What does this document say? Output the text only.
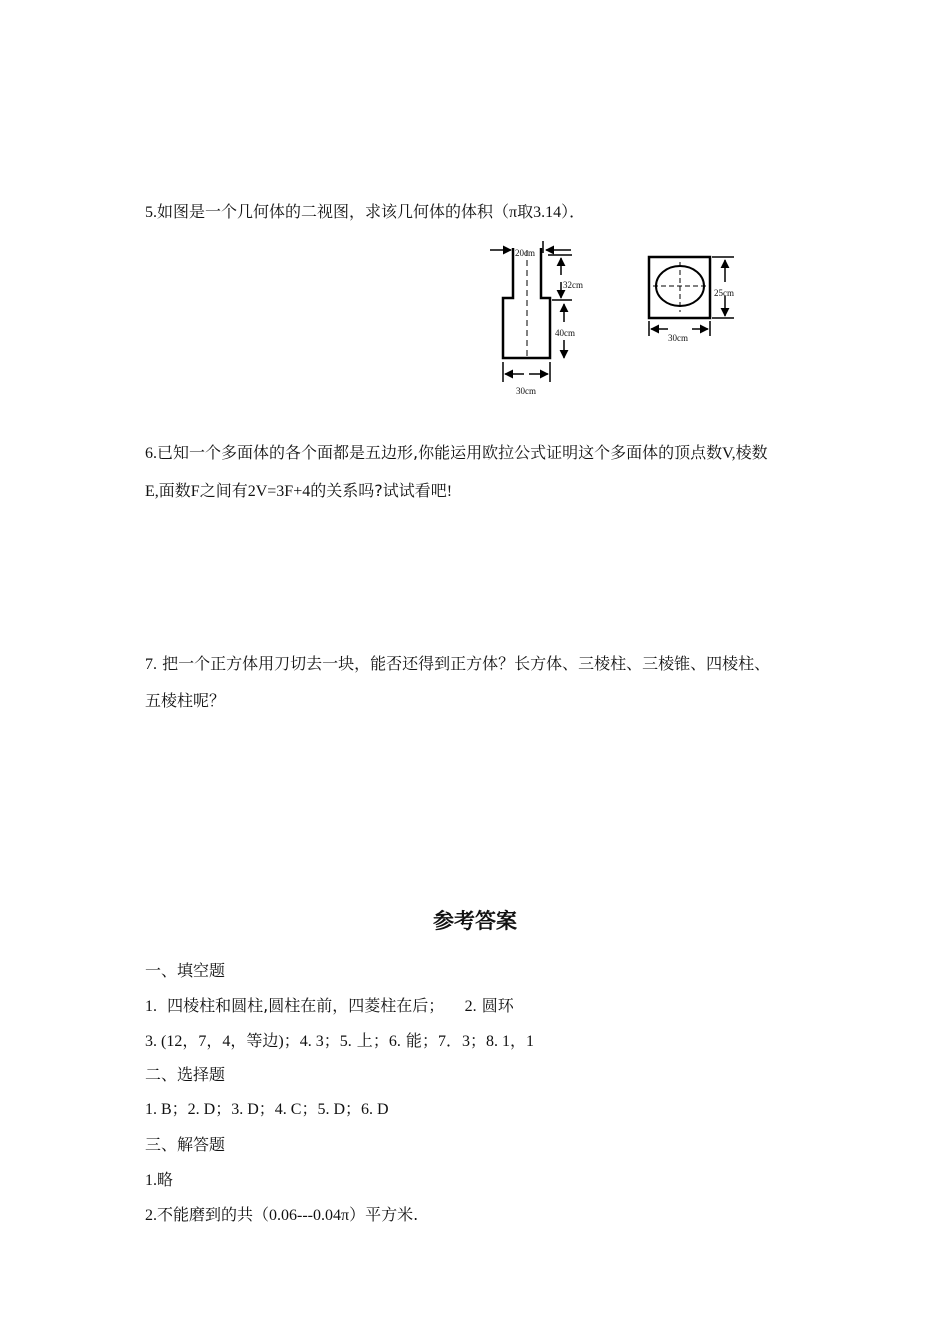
5.如图是一个几何体的二视图，求该几何体的体积（π取3.14）．
20cm
32cm
40cm
30cm
25cm
30cm
6.已知一个多面体的各个面都是五边形,你能运用欧拉公式证明这个多面体的顶点数V,棱数
E,面数F之间有2V=3F+4的关系吗?试试看吧!
7. 把一个正方体用刀切去一块，能否还得到正方体？长方体、三棱柱、三棱锥、四棱柱、
五棱柱呢？
参考答案
一、填空题
1. 四棱柱和圆柱,圆柱在前，四菱柱在后； 2. 圆环
3. (12，7，4，等边)；4. 3；5. 上；6. 能；7．3；8. 1，1
二、选择题
1. B；2. D；3. D；4. C；5. D；6. D
三、解答题
1.略
2.不能磨到的共（0.06---0.04π）平方米.
